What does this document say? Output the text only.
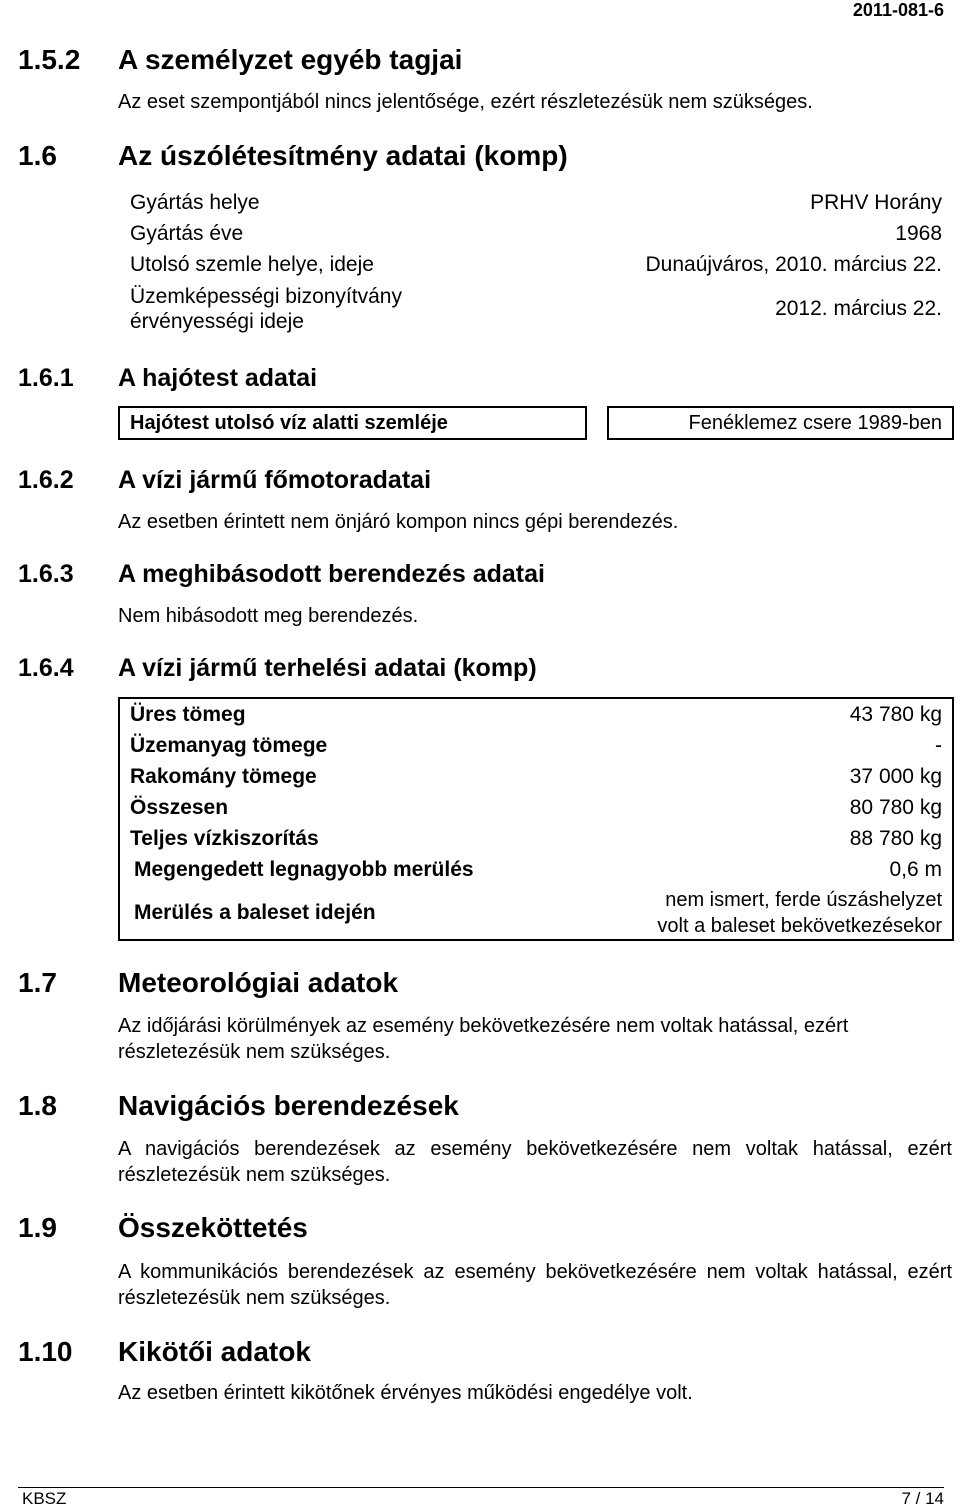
2011-081-6
1.5.2 A személyzet egyéb tagjai
Az eset szempontjából nincs jelentősége, ezért részletezésük nem szükséges.
1.6 Az úszólétesítmény adatai (komp)
Gyártás helye	PRHV Horány
Gyártás éve	1968
Utolsó szemle helye, ideje	Dunaújváros, 2010. március 22.

Üzemképességi bizonyítvány
érvényességi ideje	2012. március 22.
1.6.1 A hajótest adatai
Hajótest utolsó víz alatti szemléje		Fenéklemez csere 1989-ben
1.6.2 A vízi jármű főmotoradatai
Az esetben érintett nem önjáró kompon nincs gépi berendezés.
1.6.3 A meghibásodott berendezés adatai
Nem hibásodott meg berendezés.
1.6.4 A vízi jármű terhelési adatai (komp)
Üres tömeg	43 780 kg
Üzemanyag tömege	-
Rakomány tömege	37 000 kg
Összesen	80 780 kg
Teljes vízkiszorítás	88 780 kg
Megengedett legnagyobb merülés	0,6 m
Merülés a baleset idején	nem ismert, ferde úszáshelyzet
volt a baleset bekövetkezésekor
1.7 Meteorológiai adatok
Az időjárási körülmények az esemény bekövetkezésére nem voltak hatással, ezért részletezésük nem szükséges.
1.8 Navigációs berendezések
A navigációs berendezések az esemény bekövetkezésére nem voltak hatással, ezért részletezésük nem szükséges.
1.9 Összeköttetés
A kommunikációs berendezések az esemény bekövetkezésére nem voltak hatással, ezért részletezésük nem szükséges.
1.10 Kikötői adatok
Az esetben érintett kikötőnek érvényes működési engedélye volt.
KBSZ	7 / 14
